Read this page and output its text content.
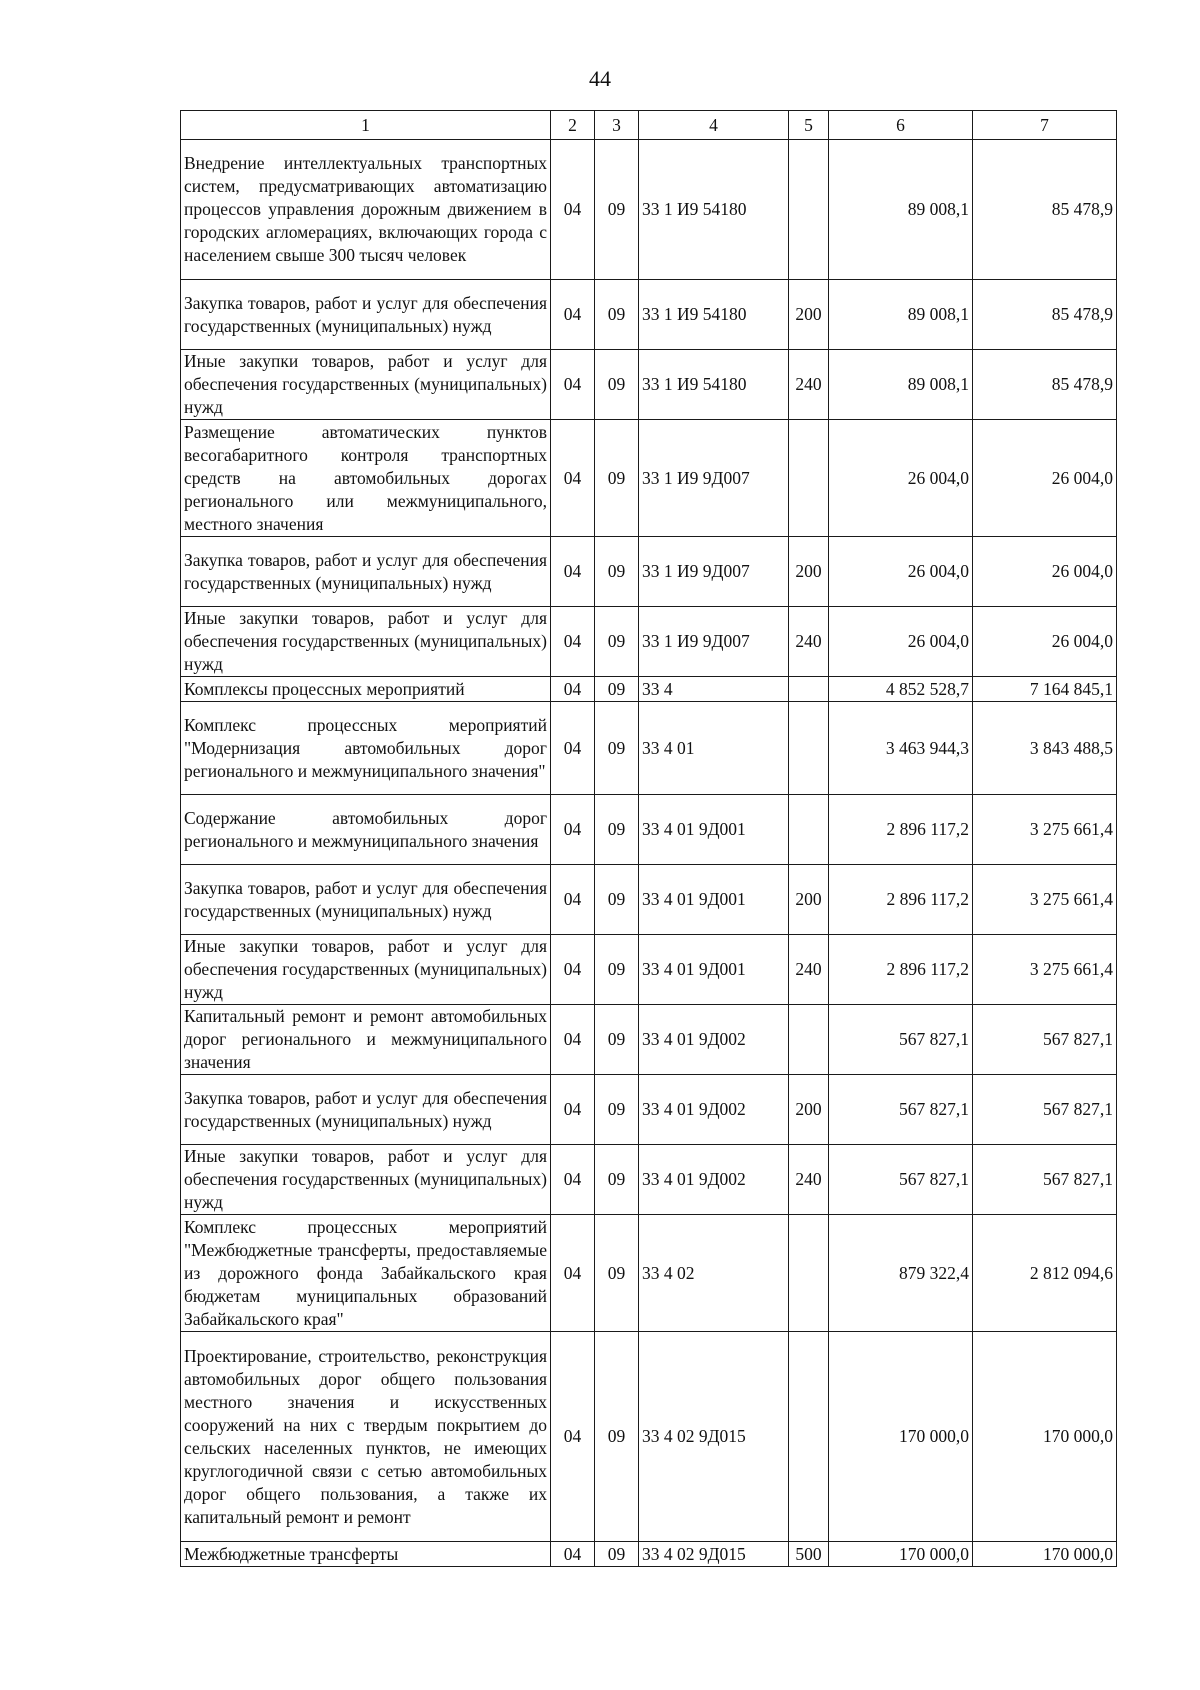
44
1	2	3	4	5	6	7
Внедрение интеллектуальных транспортных систем, предусматривающих автоматизацию процессов управления дорожным движением в городских агломерациях, включающих города с населением свыше 300 тысяч человек	04	09	33 1 И9 54180		89 008,1	85 478,9
Закупка товаров, работ и услуг для обеспечения государственных (муниципальных) нужд	04	09	33 1 И9 54180	200	89 008,1	85 478,9
Иные закупки товаров, работ и услуг для обеспечения государственных (муниципальных) нужд	04	09	33 1 И9 54180	240	89 008,1	85 478,9
Размещение автоматических пунктов весогабаритного контроля транспортных средств на автомобильных дорогах регионального или межмуниципального, местного значения	04	09	33 1 И9 9Д007		26 004,0	26 004,0
Закупка товаров, работ и услуг для обеспечения государственных (муниципальных) нужд	04	09	33 1 И9 9Д007	200	26 004,0	26 004,0
Иные закупки товаров, работ и услуг для обеспечения государственных (муниципальных) нужд	04	09	33 1 И9 9Д007	240	26 004,0	26 004,0
Комплексы процессных мероприятий	04	09	33 4		4 852 528,7	7 164 845,1
Комплекс процессных мероприятий "Модернизация автомобильных дорог регионального и межмуниципального значения"	04	09	33 4 01		3 463 944,3	3 843 488,5
Содержание автомобильных дорог регионального и межмуниципального значения	04	09	33 4 01 9Д001		2 896 117,2	3 275 661,4
Закупка товаров, работ и услуг для обеспечения государственных (муниципальных) нужд	04	09	33 4 01 9Д001	200	2 896 117,2	3 275 661,4
Иные закупки товаров, работ и услуг для обеспечения государственных (муниципальных) нужд	04	09	33 4 01 9Д001	240	2 896 117,2	3 275 661,4
Капитальный ремонт и ремонт автомобильных дорог регионального и межмуниципального значения	04	09	33 4 01 9Д002		567 827,1	567 827,1
Закупка товаров, работ и услуг для обеспечения государственных (муниципальных) нужд	04	09	33 4 01 9Д002	200	567 827,1	567 827,1
Иные закупки товаров, работ и услуг для обеспечения государственных (муниципальных) нужд	04	09	33 4 01 9Д002	240	567 827,1	567 827,1
Комплекс процессных мероприятий "Межбюджетные трансферты, предоставляемые из дорожного фонда Забайкальского края бюджетам муниципальных образований Забайкальского края"	04	09	33 4 02		879 322,4	2 812 094,6
Проектирование, строительство, реконструкция автомобильных дорог общего пользования местного значения и искусственных сооружений на них с твердым покрытием до сельских населенных пунктов, не имеющих круглогодичной связи с сетью автомобильных дорог общего пользования, а также их капитальный ремонт и ремонт	04	09	33 4 02 9Д015		170 000,0	170 000,0
Межбюджетные трансферты	04	09	33 4 02 9Д015	500	170 000,0	170 000,0
